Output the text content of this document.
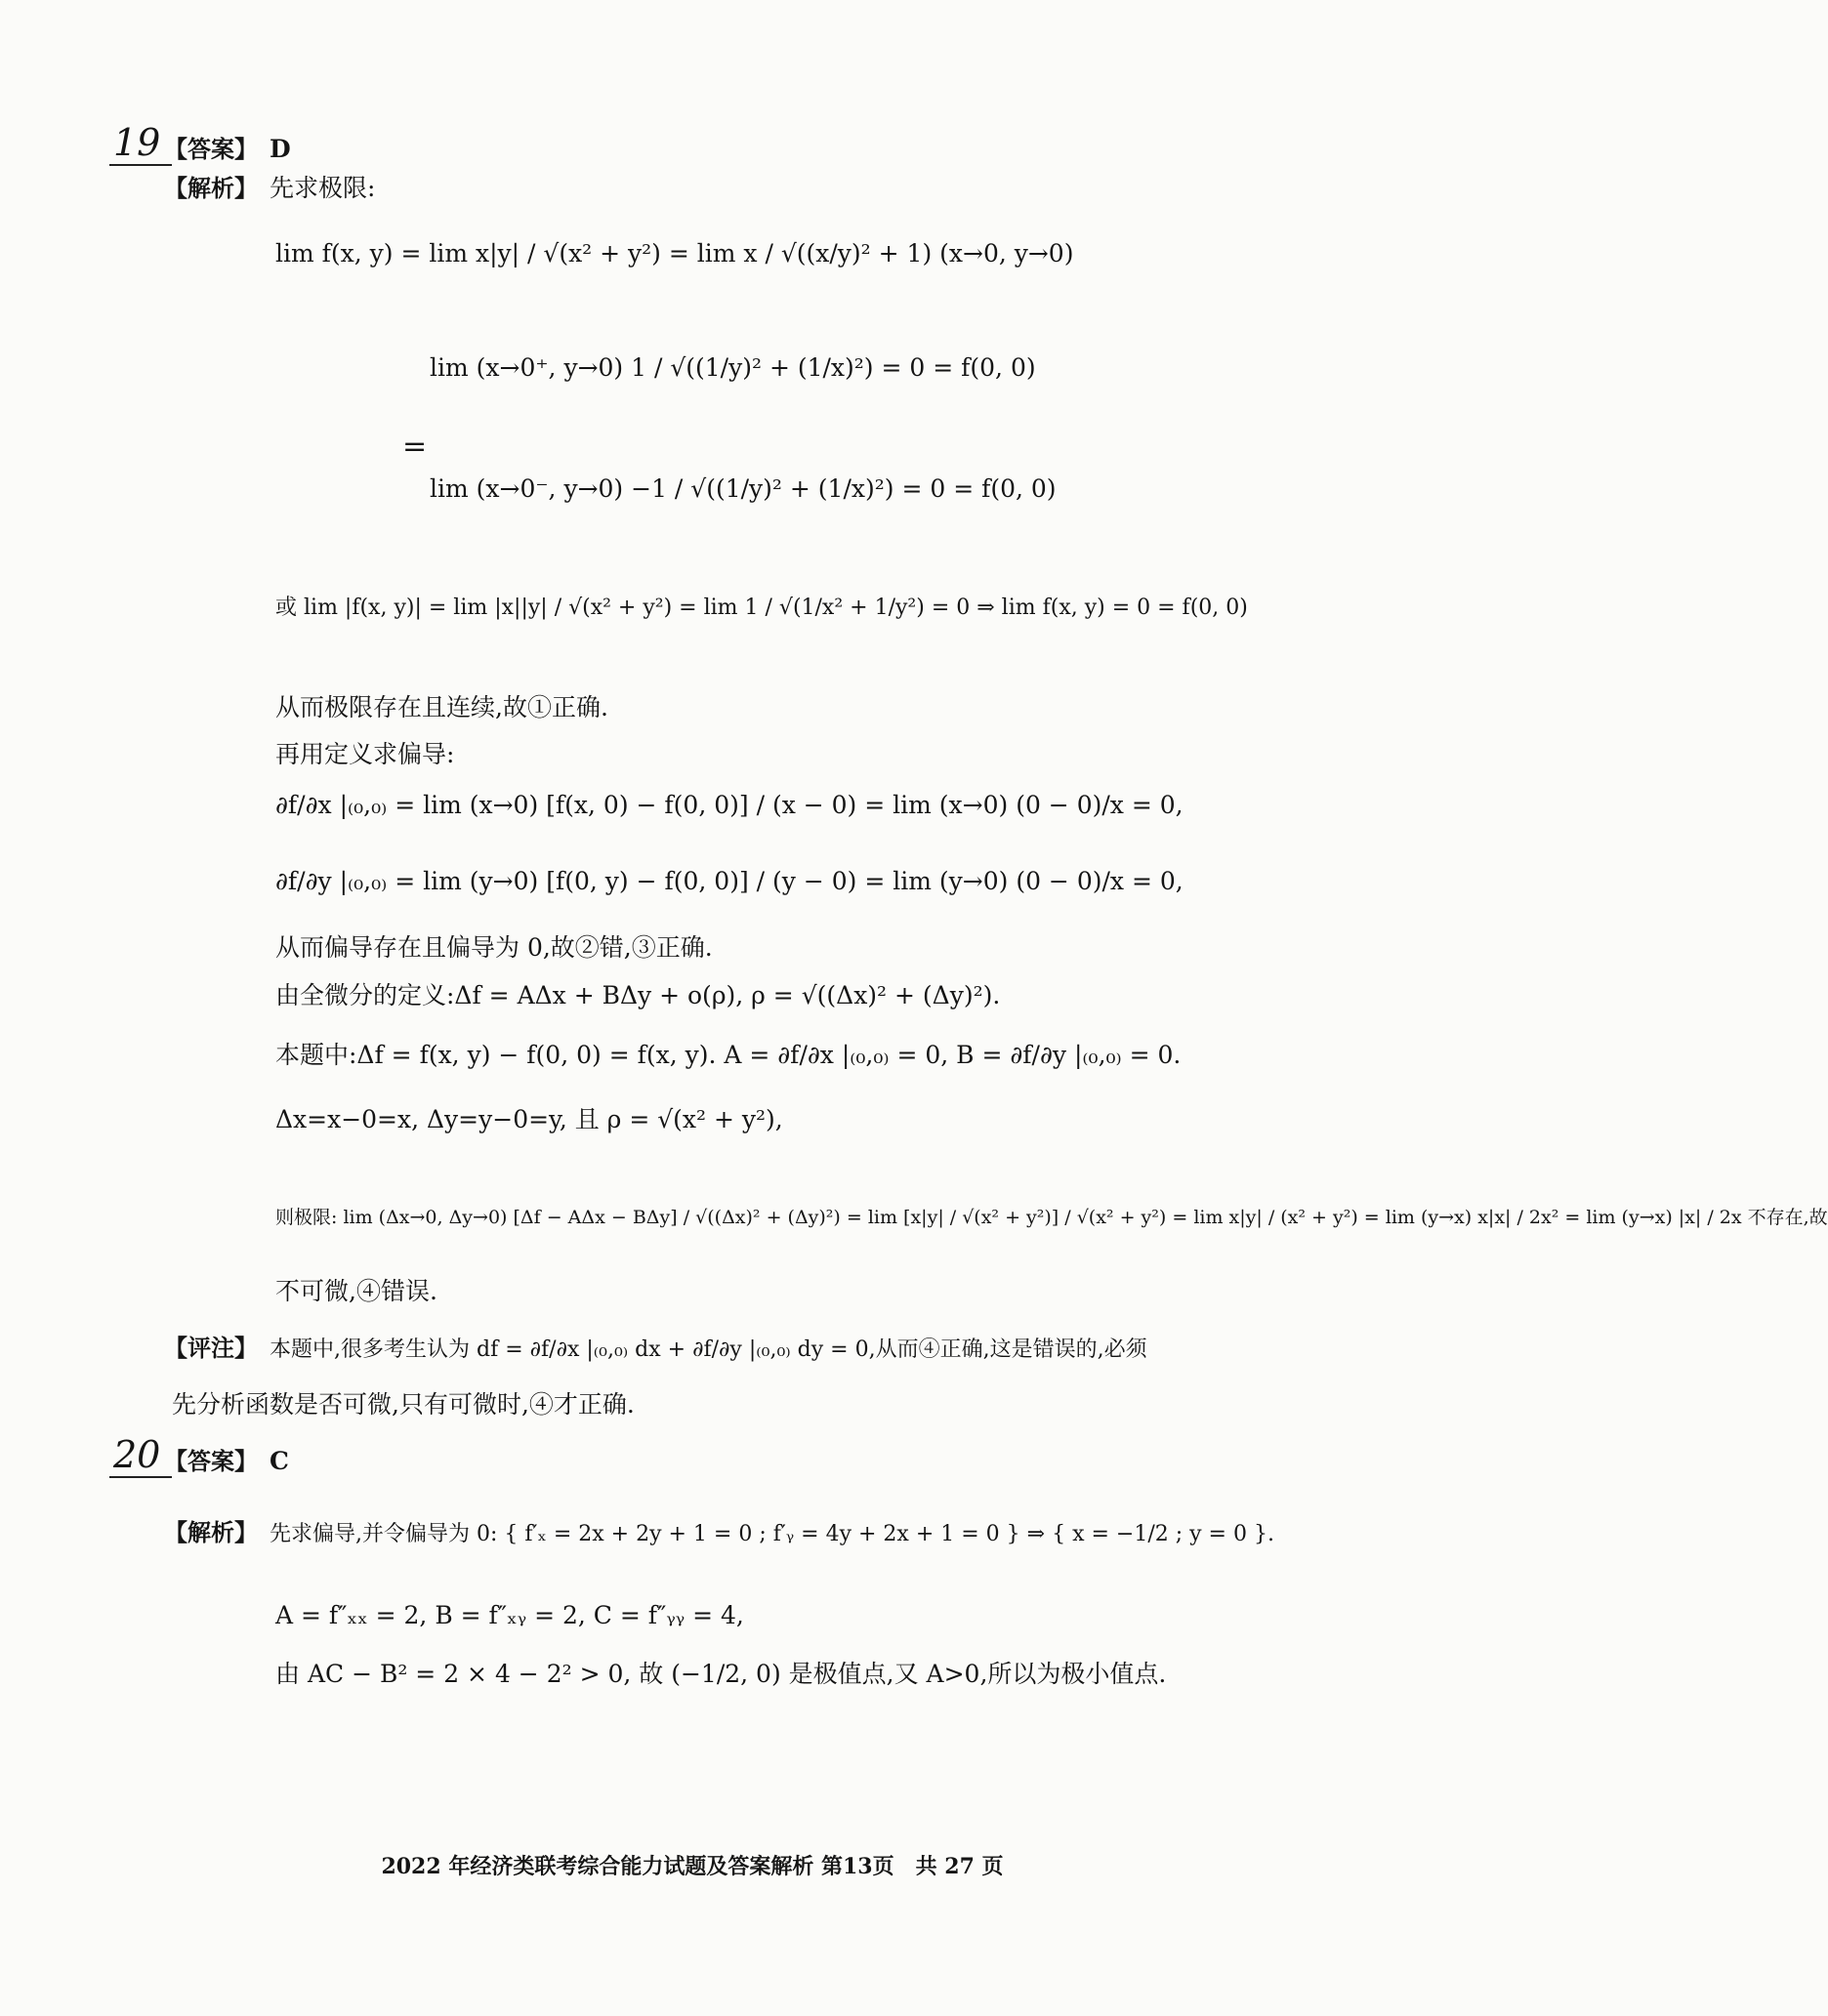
19 【答案】 D
【解析】 先求极限:
lim f(x, y) = lim x|y| / √(x² + y²) = lim x / √((x/y)² + 1) (x→0, y→0)
lim (x→0⁺, y→0) 1 / √((1/y)² + (1/x)²) = 0 = f(0, 0)
=
lim (x→0⁻, y→0) −1 / √((1/y)² + (1/x)²) = 0 = f(0, 0)
或 lim |f(x, y)| = lim |x||y| / √(x² + y²) = lim 1 / √(1/x² + 1/y²) = 0 ⇒ lim f(x, y) = 0 = f(0, 0)
从而极限存在且连续,故①正确.
再用定义求偏导:
∂f/∂x |₍₀,₀₎ = lim (x→0) [f(x, 0) − f(0, 0)] / (x − 0) = lim (x→0) (0 − 0)/x = 0,
∂f/∂y |₍₀,₀₎ = lim (y→0) [f(0, y) − f(0, 0)] / (y − 0) = lim (y→0) (0 − 0)/x = 0,
从而偏导存在且偏导为 0,故②错,③正确.
由全微分的定义:Δf = AΔx + BΔy + o(ρ), ρ = √((Δx)² + (Δy)²).
本题中:Δf = f(x, y) − f(0, 0) = f(x, y). A = ∂f/∂x |₍₀,₀₎ = 0, B = ∂f/∂y |₍₀,₀₎ = 0.
Δx=x−0=x, Δy=y−0=y, 且 ρ = √(x² + y²),
则极限: lim (Δx→0, Δy→0) [Δf − AΔx − BΔy] / √((Δx)² + (Δy)²) = lim [x|y| / √(x² + y²)] / √(x² + y²) = lim x|y| / (x² + y²) = lim (y→x) x|x| / 2x² = lim (y→x) |x| / 2x 不存在,故
不可微,④错误.
【评注】 本题中,很多考生认为 df = ∂f/∂x |₍₀,₀₎ dx + ∂f/∂y |₍₀,₀₎ dy = 0,从而④正确,这是错误的,必须
先分析函数是否可微,只有可微时,④才正确.
20 【答案】 C
【解析】 先求偏导,并令偏导为 0: { f′ₓ = 2x + 2y + 1 = 0 ; f′ᵧ = 4y + 2x + 1 = 0 } ⇒ { x = −1/2 ; y = 0 }.
A = f″ₓₓ = 2, B = f″ₓᵧ = 2, C = f″ᵧᵧ = 4,
由 AC − B² = 2 × 4 − 2² > 0, 故 (−1/2, 0) 是极值点,又 A>0,所以为极小值点.
2022 年经济类联考综合能力试题及答案解析 第13页　共 27 页
